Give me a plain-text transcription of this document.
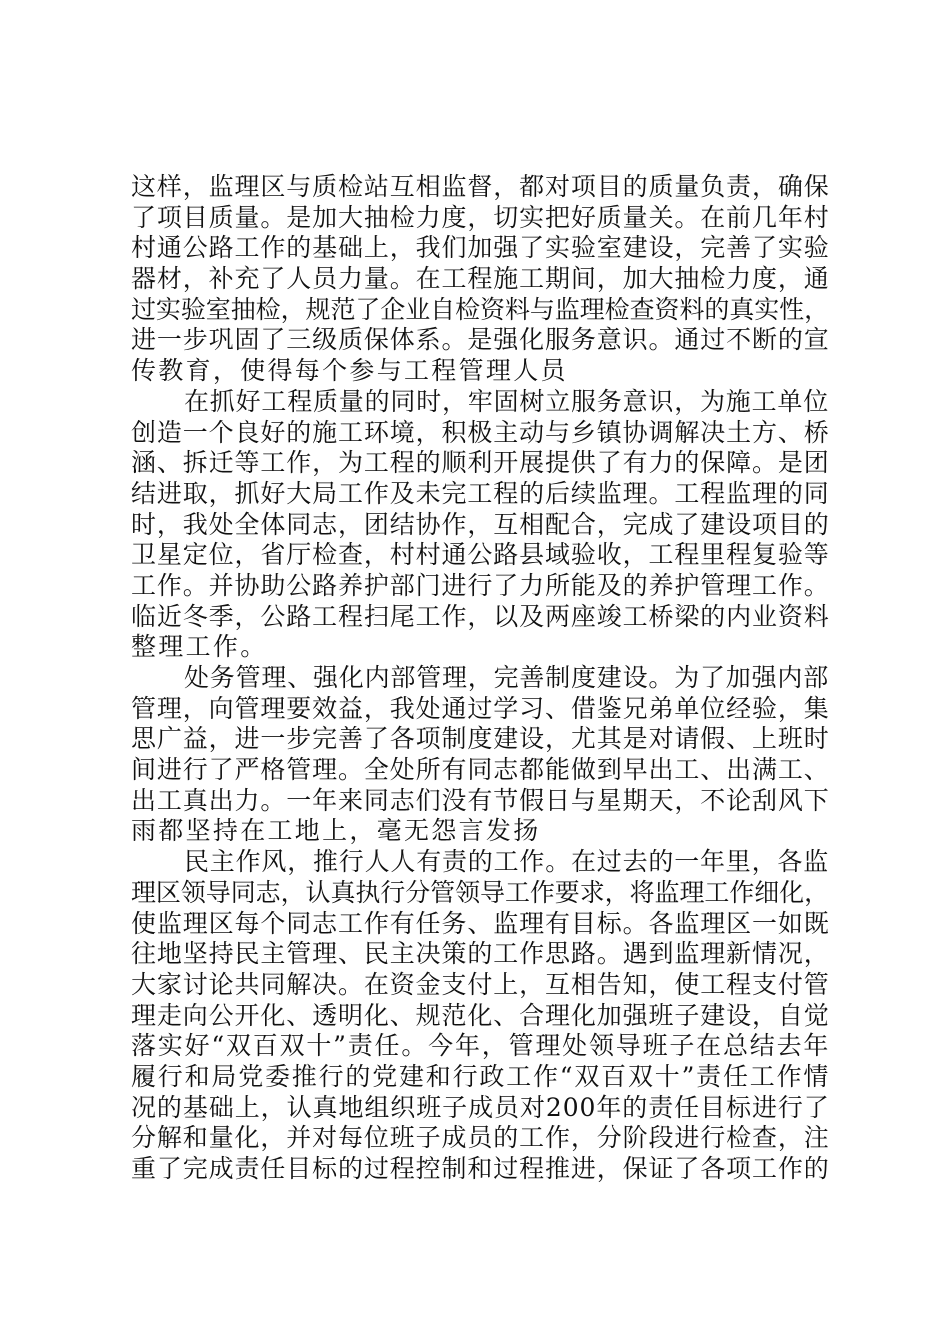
这样，监理区与质检站互相监督，都对项目的质量负责，确保
了项目质量。是加大抽检力度，切实把好质量关。在前几年村
村通公路工作的基础上，我们加强了实验室建设，完善了实验
器材，补充了人员力量。在工程施工期间，加大抽检力度，通
过实验室抽检，规范了企业自检资料与监理检查资料的真实性，
进一步巩固了三级质保体系。是强化服务意识。通过不断的宣
传教育，使得每个参与工程管理人员
在抓好工程质量的同时，牢固树立服务意识，为施工单位
创造一个良好的施工环境，积极主动与乡镇协调解决土方、桥
涵、拆迁等工作，为工程的顺利开展提供了有力的保障。是团
结进取，抓好大局工作及未完工程的后续监理。工程监理的同
时，我处全体同志，团结协作，互相配合，完成了建设项目的
卫星定位，省厅检查，村村通公路县域验收，工程里程复验等
工作。并协助公路养护部门进行了力所能及的养护管理工作。
临近冬季，公路工程扫尾工作，以及两座竣工桥梁的内业资料
整理工作。
处务管理、强化内部管理，完善制度建设。为了加强内部
管理，向管理要效益，我处通过学习、借鉴兄弟单位经验，集
思广益，进一步完善了各项制度建设，尤其是对请假、上班时
间进行了严格管理。全处所有同志都能做到早出工、出满工、
出工真出力。一年来同志们没有节假日与星期天，不论刮风下
雨都坚持在工地上，毫无怨言发扬
民主作风，推行人人有责的工作。在过去的一年里，各监
理区领导同志，认真执行分管领导工作要求，将监理工作细化，
使监理区每个同志工作有任务、监理有目标。各监理区一如既
往地坚持民主管理、民主决策的工作思路。遇到监理新情况，
大家讨论共同解决。在资金支付上，互相告知，使工程支付管
理走向公开化、透明化、规范化、合理化加强班子建设，自觉
落实好“双百双十”责任。今年，管理处领导班子在总结去年
履行和局党委推行的党建和行政工作“双百双十”责任工作情
况的基础上，认真地组织班子成员对200年的责任目标进行了
分解和量化，并对每位班子成员的工作，分阶段进行检查，注
重了完成责任目标的过程控制和过程推进，保证了各项工作的
